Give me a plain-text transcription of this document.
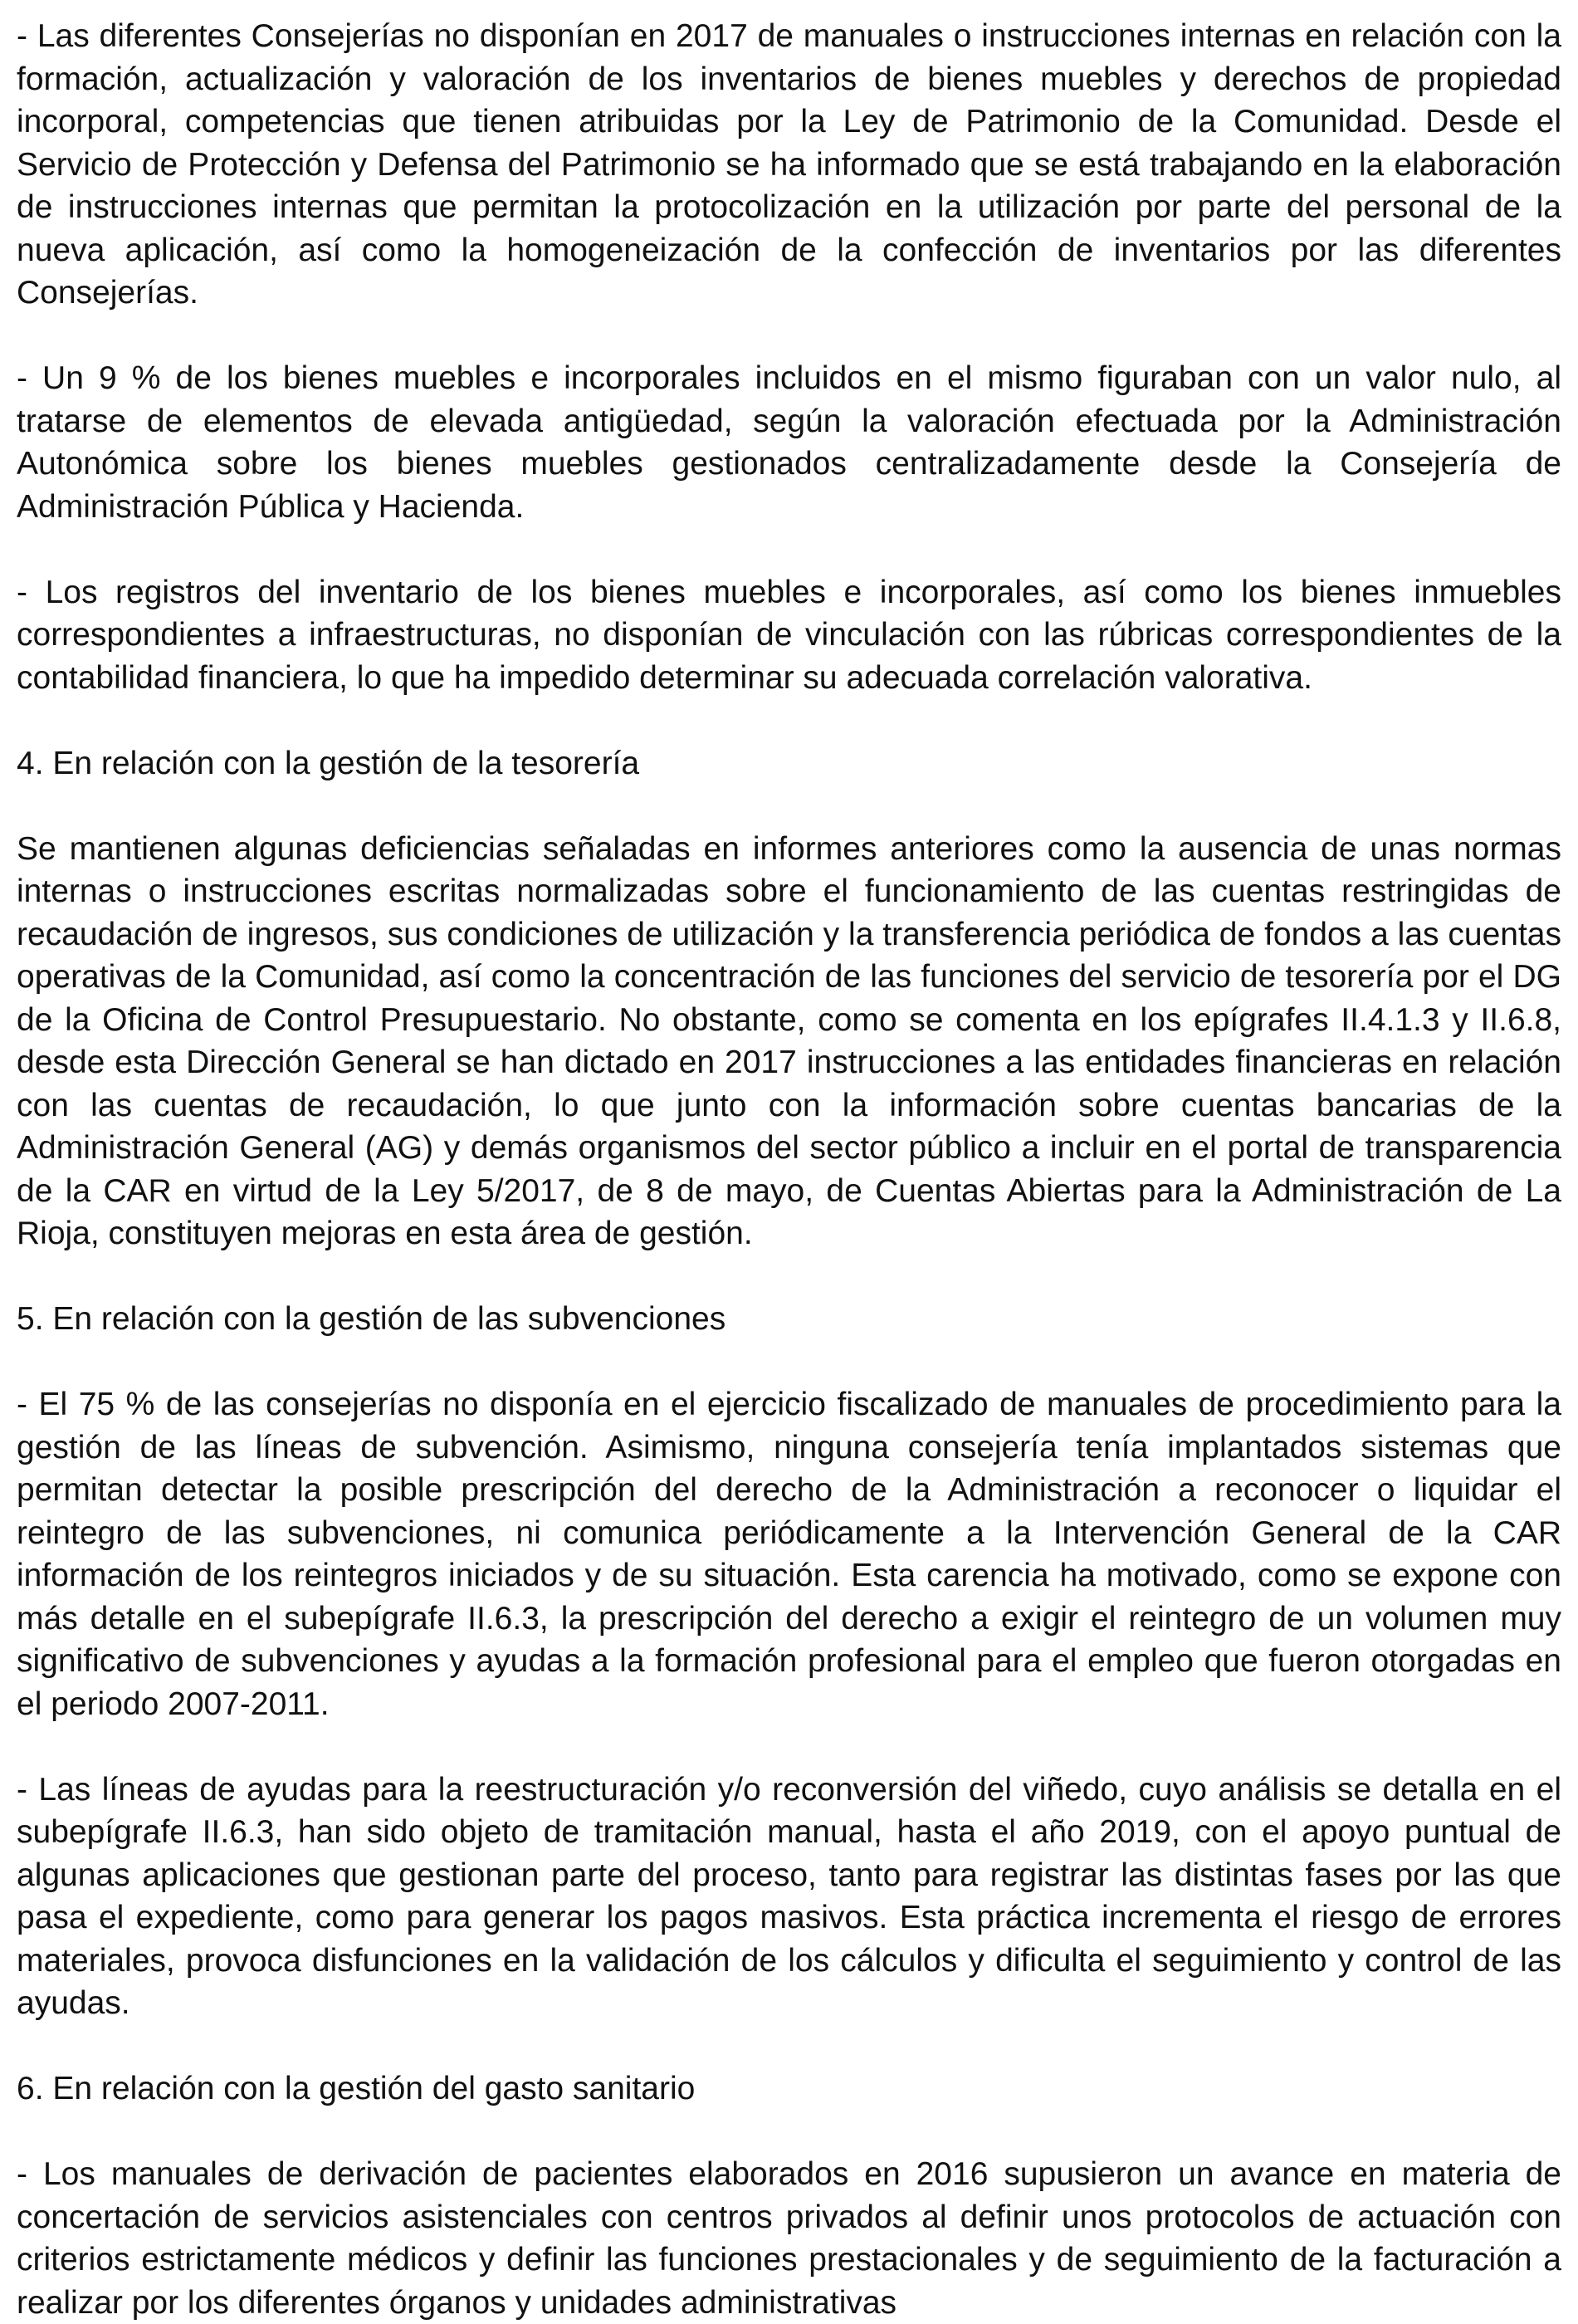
- Las diferentes Consejerías no disponían en 2017 de manuales o instrucciones internas en relación con la formación, actualización y valoración de los inventarios de bienes muebles y derechos de propiedad incorporal, competencias que tienen atribuidas por la Ley de Patrimonio de la Comunidad. Desde el Servicio de Protección y Defensa del Patrimonio se ha informado que se está trabajando en la elaboración de instrucciones internas que permitan la protocolización en la utilización por parte del personal de la nueva aplicación, así como la homogeneización de la confección de inventarios por las diferentes Consejerías.

- Un 9 % de los bienes muebles e incorporales incluidos en el mismo figuraban con un valor nulo, al tratarse de elementos de elevada antigüedad, según la valoración efectuada por la Administración Autonómica sobre los bienes muebles gestionados centralizadamente desde la Consejería de Administración Pública y Hacienda.

- Los registros del inventario de los bienes muebles e incorporales, así como los bienes inmuebles correspondientes a infraestructuras, no disponían de vinculación con las rúbricas correspondientes de la contabilidad financiera, lo que ha impedido determinar su adecuada correlación valorativa.

4. En relación con la gestión de la tesorería

Se mantienen algunas deficiencias señaladas en informes anteriores como la ausencia de unas normas internas o instrucciones escritas normalizadas sobre el funcionamiento de las cuentas restringidas de recaudación de ingresos, sus condiciones de utilización y la transferencia periódica de fondos a las cuentas operativas de la Comunidad, así como la concentración de las funciones del servicio de tesorería por el DG de la Oficina de Control Presupuestario. No obstante, como se comenta en los epígrafes II.4.1.3 y II.6.8, desde esta Dirección General se han dictado en 2017 instrucciones a las entidades financieras en relación con las cuentas de recaudación, lo que junto con la información sobre cuentas bancarias de la Administración General (AG) y demás organismos del sector público a incluir en el portal de transparencia de la CAR en virtud de la Ley 5/2017, de 8 de mayo, de Cuentas Abiertas para la Administración de La Rioja, constituyen mejoras en esta área de gestión.

5. En relación con la gestión de las subvenciones

- El 75 % de las consejerías no disponía en el ejercicio fiscalizado de manuales de procedimiento para la gestión de las líneas de subvención. Asimismo, ninguna consejería tenía implantados sistemas que permitan detectar la posible prescripción del derecho de la Administración a reconocer o liquidar el reintegro de las subvenciones, ni comunica periódicamente a la Intervención General de la CAR información de los reintegros iniciados y de su situación. Esta carencia ha motivado, como se expone con más detalle en el subepígrafe II.6.3, la prescripción del derecho a exigir el reintegro de un volumen muy significativo de subvenciones y ayudas a la formación profesional para el empleo que fueron otorgadas en el periodo 2007-2011.

- Las líneas de ayudas para la reestructuración y/o reconversión del viñedo, cuyo análisis se detalla en el subepígrafe II.6.3, han sido objeto de tramitación manual, hasta el año 2019, con el apoyo puntual de algunas aplicaciones que gestionan parte del proceso, tanto para registrar las distintas fases por las que pasa el expediente, como para generar los pagos masivos. Esta práctica incrementa el riesgo de errores materiales, provoca disfunciones en la validación de los cálculos y dificulta el seguimiento y control de las ayudas.

6. En relación con la gestión del gasto sanitario

- Los manuales de derivación de pacientes elaborados en 2016 supusieron un avance en materia de concertación de servicios asistenciales con centros privados al definir unos protocolos de actuación con criterios estrictamente médicos y definir las funciones prestacionales y de seguimiento de la facturación a realizar por los diferentes órganos y unidades administrativas
